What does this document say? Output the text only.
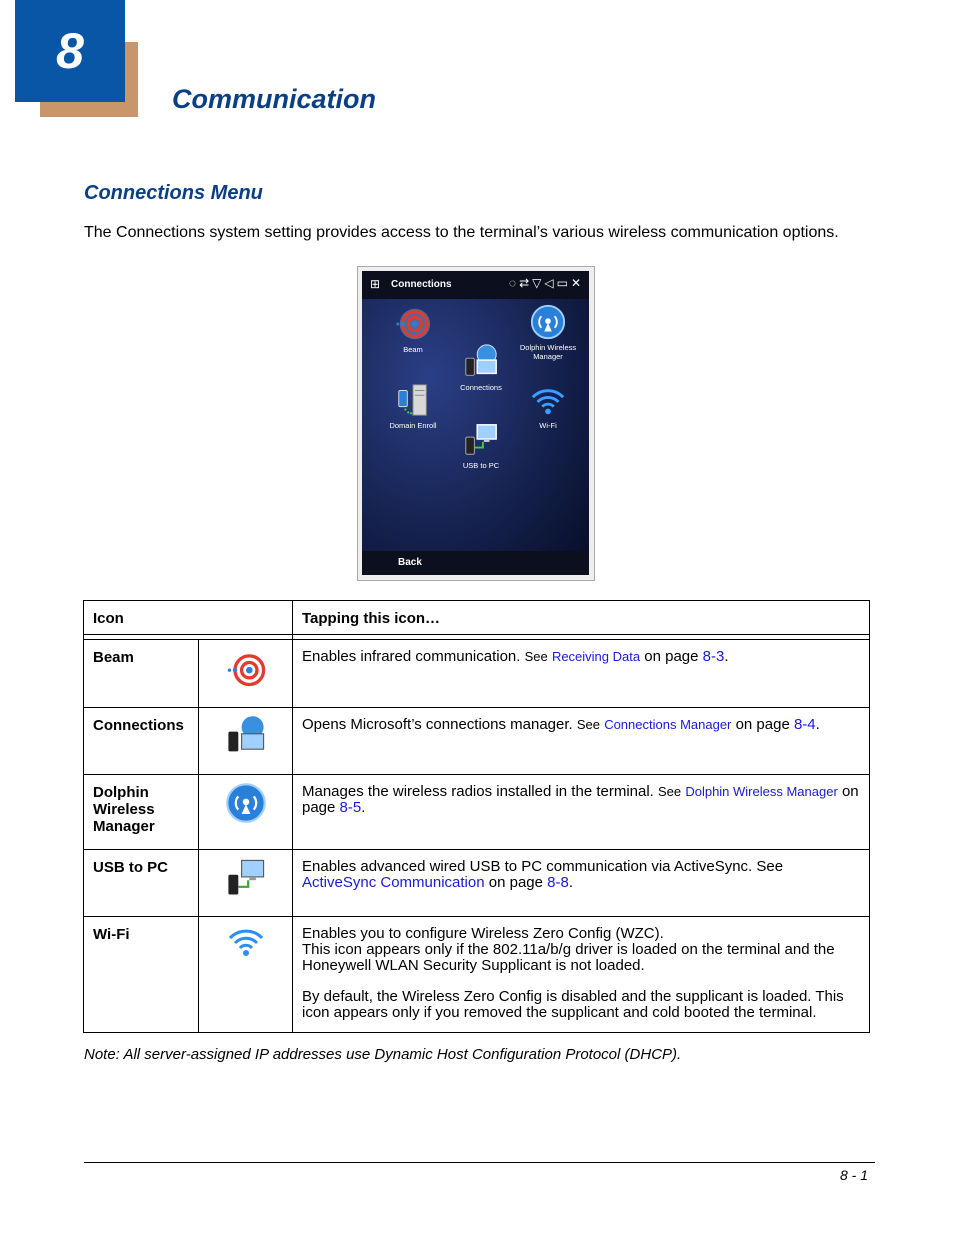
8
Communication
Connections Menu
The Connections system setting provides access to the terminal’s various wireless communication options.
⊞ Connections	◌⇄▽◁▭✕
Beam	Dolphin Wireless Manager
Connections
Domain Enroll	Wi-Fi
USB to PC
Back
Icon		Tapping this icon…

Beam		Enables infrared communication. See Receiving Data on page 8-3.
Connections		Opens Microsoft’s connections manager. See Connections Manager on page 8-4.
Dolphin Wireless Manager		Manages the wireless radios installed in the terminal. See Dolphin Wireless Manager on page 8-5.
USB to PC		Enables advanced wired USB to PC communication via ActiveSync. See
ActiveSync Communication on page 8-8.
Wi-Fi		Enables you to configure Wireless Zero Config (WZC).
This icon appears only if the 802.11a/b/g driver is loaded on the terminal and the Honeywell WLAN Security Supplicant is not loaded.
By default, the Wireless Zero Config is disabled and the supplicant is loaded. This icon appears only if you removed the supplicant and cold booted the terminal.
Note: All server-assigned IP addresses use Dynamic Host Configuration Protocol (DHCP).
8 - 1
